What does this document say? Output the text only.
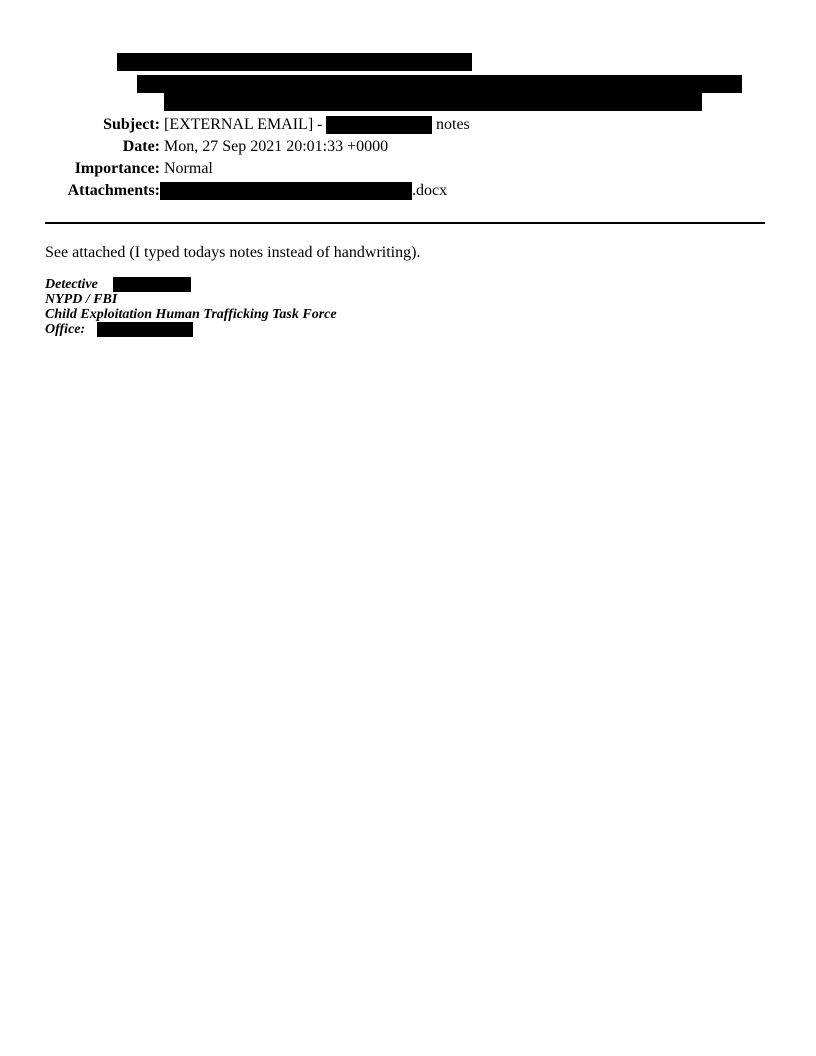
Subject: [EXTERNAL EMAIL] -	notes
Date: Mon, 27 Sep 2021 20:01:33 +0000
Importance: Normal
Attachments:	.docx
See attached (I typed todays notes instead of handwriting).
Detective
NYPD / FBI
Child Exploitation Human Trafficking Task Force
Office:
